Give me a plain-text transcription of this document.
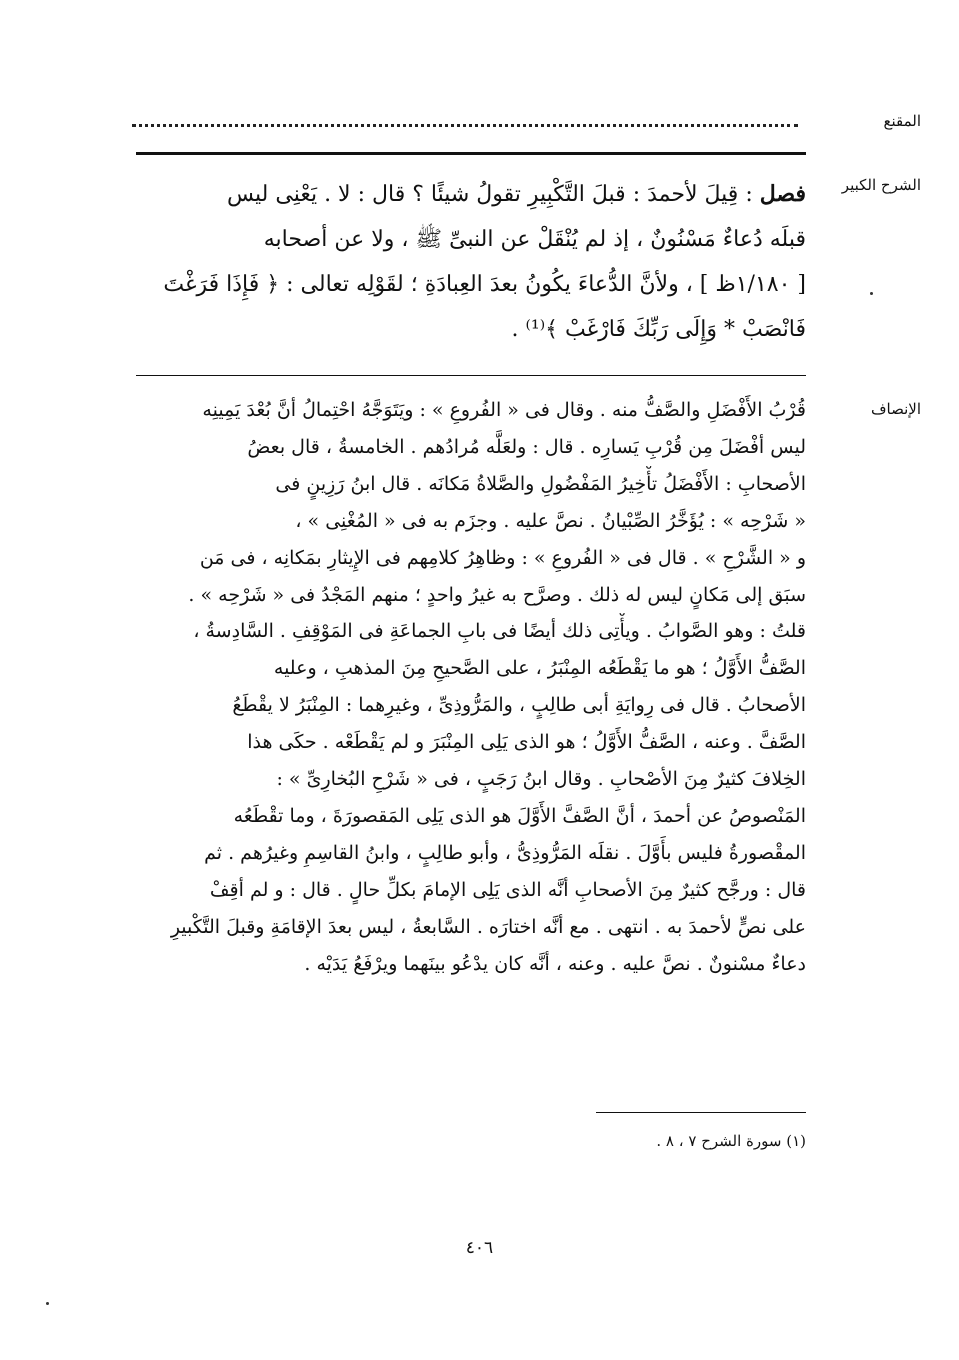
المقنع
الشرح الكبير
الإنصاف
فصل : قِيلَ لأحمدَ : قبلَ التَّكْبِيرِ تقولُ شيئًا ؟ قال : لا . يَعْنِى ليس
قبلَه دُعاءٌ مَسْنُونٌ ، إذ لم يُنْقَلْ عن النبىِّ ﷺ ، ولا عن أصحابه
[ ١/١٨٠ظ ] ، ولأنَّ الدُّعاءَ يكُونُ بعدَ العِبادَةِ ؛ لقَوْلِه تعالى : ﴿ فَإِذَا فَرَغْتَ
فَانْصَبْ * وَإِلَى رَبِّكَ فَارْغَبْ ﴾⁽¹⁾ .
قُرْبُ الأَفْضَلِ والصَّفُّ منه . وقال فى « الفُروعِ » : ويَتَوَجَّهُ احْتِمالُ أنَّ بُعْدَ يَمِينِه
ليس أفْضَلَ مِن قُرْبِ يَسارِه . قال : ولعَلَّه مُرادُهم . الخامسةُ ، قال بعضُ
الأصحابِ : الأَفْضَلُ تأْخِيرُ المَفْضُولِ والصَّلاةُ مَكانَه . قال ابنُ رَزِينٍ فى
« شَرْحِه » : يُؤَخَّرُ الصِّبْيانُ . نصَّ عليه . وجزَم به فى « المُغْنِى » ،
و « الشَّرْحِ » . قال فى « الفُروعِ » : وظاهِرُ كلامِهم فى الإِيثارِ بمَكانِه ، فى مَن
سبَق إلى مَكانٍ ليس له ذلك . وصرَّح به غيرُ واحدٍ ؛ منهم المَجْدُ فى « شَرْحِه » .
قلتُ : وهو الصَّوابُ . ويأْتِى ذلك أيضًا فى بابِ الجماعَةِ فى المَوْقِفِ . السَّادِسةُ ،
الصَّفُّ الأَوَّلُ ؛ هو ما يَقْطَعُه المِنْبَرُ ، على الصَّحيحِ مِنَ المذهبِ ، وعليه
الأصحابُ . قال فى رِوايَةِ أبى طالِبٍ ، والمَرُّوذِىِّ ، وغيرِهما : المِنْبَرُ لا يقْطَعُ
الصَّفَّ . وعنه ، الصَّفُّ الأَوَّلُ ؛ هو الذى يَلِى المِنْبَرَ و لم يَقْطَعْه . حكَى هذا
الخِلافَ كثيرٌ مِنَ الأصْحابِ . وقال ابنُ رَجَبٍ ، فى « شَرْحِ البُخارِىِّ » :
المَنْصوصُ عن أحمدَ ، أنَّ الصَّفَّ الأَوَّلَ هو الذى يَلِى المَقصورَةَ ، وما تقْطَعُه
المقْصورةُ فليس بأَوَّلَ . نقلَه المَرُّوذِىُّ ، وأبو طالِبٍ ، وابنُ القاسِمِ وغيرُهم . ثم
قال : ورجَّح كثيرٌ مِنَ الأصحابِ أنَّه الذى يَلِى الإمامَ بكلِّ حالٍ . قال : و لم أقِفْ
على نصٍّ لأحمدَ به . انتهى . مع أنَّه اختارَه . السَّابعةُ ، ليس بعدَ الإقامَةِ وقبلَ التَّكْبيرِ
دعاءٌ مسْنونٌ . نصَّ عليه . وعنه ، أنَّه كان يدْعُو بينَهما ويرْفَعُ يَدَيْه .
(١) سورة الشرح ٧ ، ٨ .
٤٠٦
